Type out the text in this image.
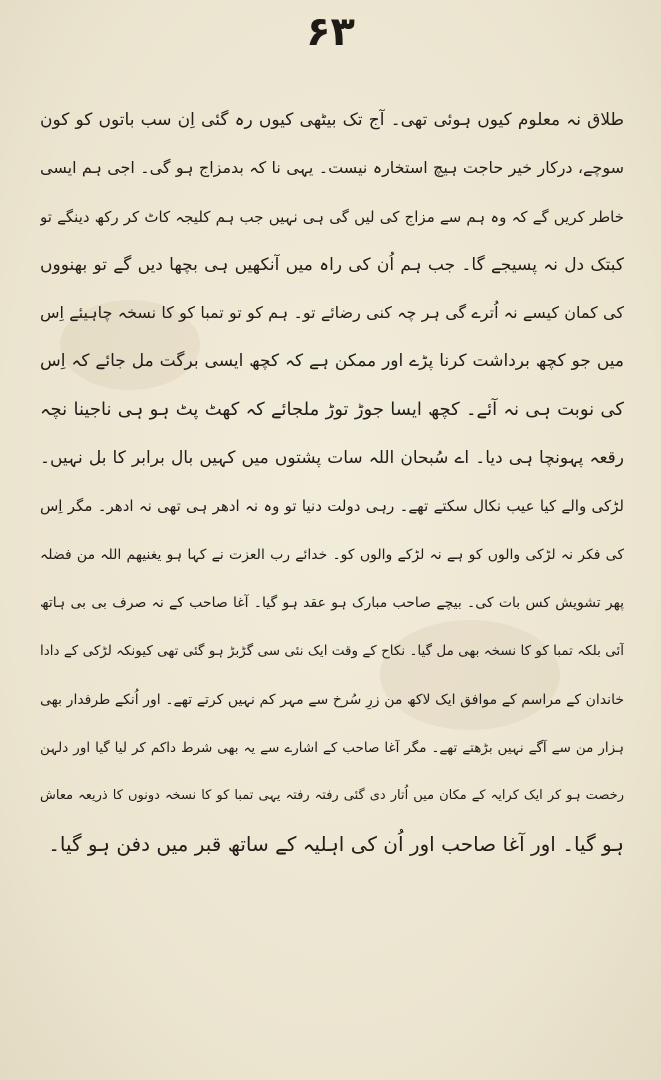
۶۳
طلاق نہ معلوم کیوں ہوئی تھی۔ آج تک بیٹھی کیوں رہ گئی اِن سب باتوں کو کون
سوچے، درکار خیر حاجت ہیچ استخارہ نیست۔ یہی نا کہ بدمزاج ہو گی۔ اجی ہم ایسی
خاطر کریں گے کہ وہ ہم سے مزاج کی لیں گی ہی نہیں جب ہم کلیجہ کاٹ کر رکھ دینگے تو
کبتک دل نہ پسیجے گا۔ جب ہم اُن کی راہ میں آنکھیں ہی بچھا دیں گے تو بھنووں
کی کمان کیسے نہ اُترے گی ہر چہ کنی رضائے تو۔ ہم کو تو تمبا کو کا نسخہ چاہیئے اِس
میں جو کچھ برداشت کرنا پڑے اور ممکن ہے کہ کچھ ایسی برگت مل جائے کہ اِس
کی نوبت ہی نہ آئے۔ کچھ ایسا جوڑ توڑ ملجائے کہ کھٹ پٹ ہو ہی ناجینا نچہ
رقعہ پہونچا ہی دیا۔ اے سُبحان اللہ سات پشتوں میں کہیں بال برابر کا بل نہیں۔
لڑکی والے کیا عیب نکال سکتے تھے۔ رہی دولت دنیا تو وہ نہ ادھر ہی تھی نہ ادھر۔ مگر اِس
کی فکر نہ لڑکی والوں کو ہے نہ لڑکے والوں کو۔ خدائے رب العزت نے کہا ہو یغنیھم اللہ من فضلہ
پھر تشویش کس بات کی۔ بیچے صاحب مبارک ہو عقد ہو گیا۔ آغا صاحب کے نہ صرف بی بی ہاتھ
آئی بلکہ تمبا کو کا نسخہ بھی مل گیا۔ نکاح کے وقت ایک نئی سی گڑبڑ ہو گئی تھی کیونکہ لڑکی کے دادا
خاندان کے مراسم کے موافق ایک لاکھ من زرِ سُرخ سے مہر کم نہیں کرتے تھے۔ اور اُنکے طرفدار بھی
ہزار من سے آگے نہیں بڑھتے تھے۔ مگر آغا صاحب کے اشارے سے یہ بھی شرط داکم کر لیا گیا اور دلہن
رخصت ہو کر ایک کرایہ کے مکان میں اُتار دی گئی رفتہ رفتہ یہی تمبا کو کا نسخہ دونوں کا ذریعہ معاش
ہو گیا۔ اور آغا صاحب اور اُن کی اہلیہ کے ساتھ قبر میں دفن ہو گیا۔
